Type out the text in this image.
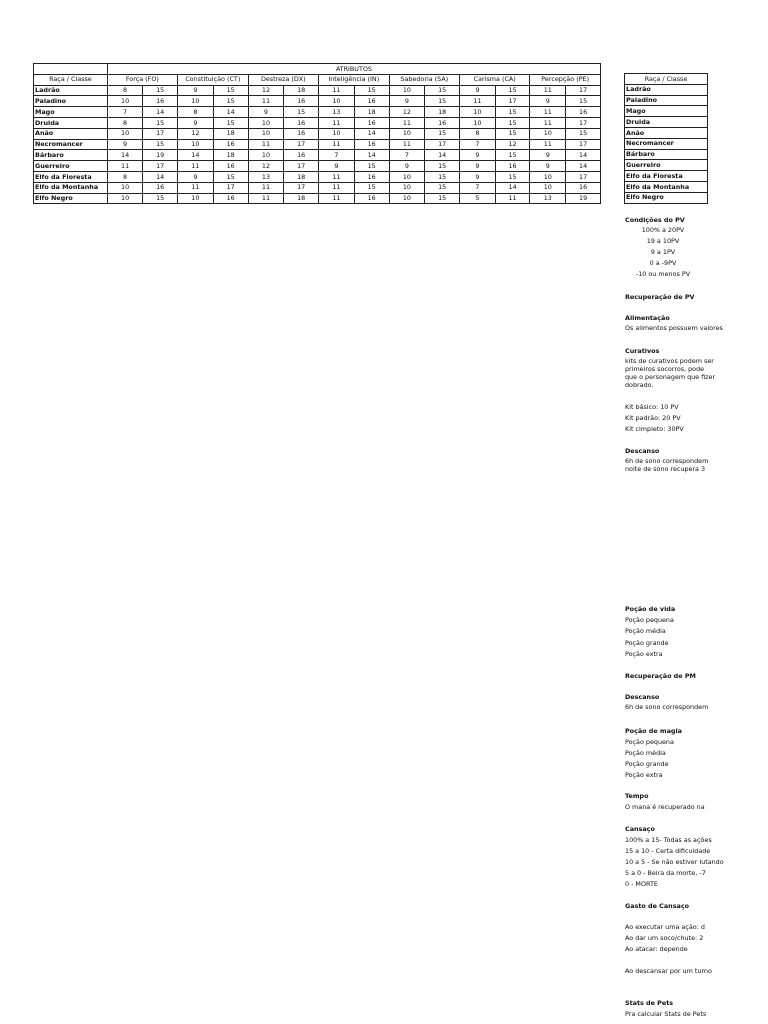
	ATRIBUTOS													
Raça / Classe	Força (FO)		Constituição (CT)		Destreza (DX)		Inteligência (IN)		Sabedoria (SA)		Carisma (CA)		Percepção (PE)	
Ladrão	8	15	9	15	12	18	11	15	10	15	9	15	11	17
Paladino	10	16	10	15	11	16	10	16	9	15	11	17	9	15
Mago	7	14	8	14	9	15	13	18	12	18	10	15	11	16
Druida	8	15	9	15	10	16	11	16	11	16	10	15	11	17
Anão	10	17	12	18	10	16	10	14	10	15	8	15	10	15
Necromancer	9	15	10	16	11	17	11	16	11	17	7	12	11	17
Bárbaro	14	19	14	18	10	16	7	14	7	14	9	15	9	14
Guerreiro	11	17	11	16	12	17	9	15	9	15	9	16	9	14
Elfo da Floresta	8	14	9	15	13	18	11	16	10	15	9	15	10	17
Elfo da Montanha	10	16	11	17	11	17	11	15	10	15	7	14	10	16
Elfo Negro	10	15	10	16	11	18	11	16	10	15	5	11	13	19
Raça / Classe
Ladrão
Paladino
Mago
Druida
Anão
Necromancer
Bárbaro
Guerreiro
Elfo da Floresta
Elfo da Montanha
Elfo Negro
Condições do PV
100% a 20PV
19 a 10PV
9 a 1PV
0 a -9PV
-10 ou menos PV
Recuperação de PV
Alimentação
Os alimentos possuem valores
Curativos
kits de curativos podem ser
primeiros socorros, pode
que o personagem que fizer
dobrado.
Kit básico: 10 PV
Kit padrão: 20 PV
Kit cimpleto: 30PV
Descanso
6h de sono correspondem
noite de sono recupera 3
Poção de vida
Poção pequena
Poção média
Poção grande
Poção extra
Recuperação de PM
Descanso
6h de sono correspondem
Poção de magia
Poção pequena
Poção média
Poção grande
Poção extra
Tempo
O mana é recuperado na
Cansaço
100% a 15- Todas as ações
15 a 10 - Certa dificuldade
10 a 5 - Se não estiver lutando
5 a 0 - Beira da morte, -7
0 - MORTE
Gasto de Cansaço
Ao executar uma ação: d
Ao dar um soco/chute: 2
Ao atacar: depende
Ao descansar por um turno
Stats de Pets
Pra calcular Stats de Pets
